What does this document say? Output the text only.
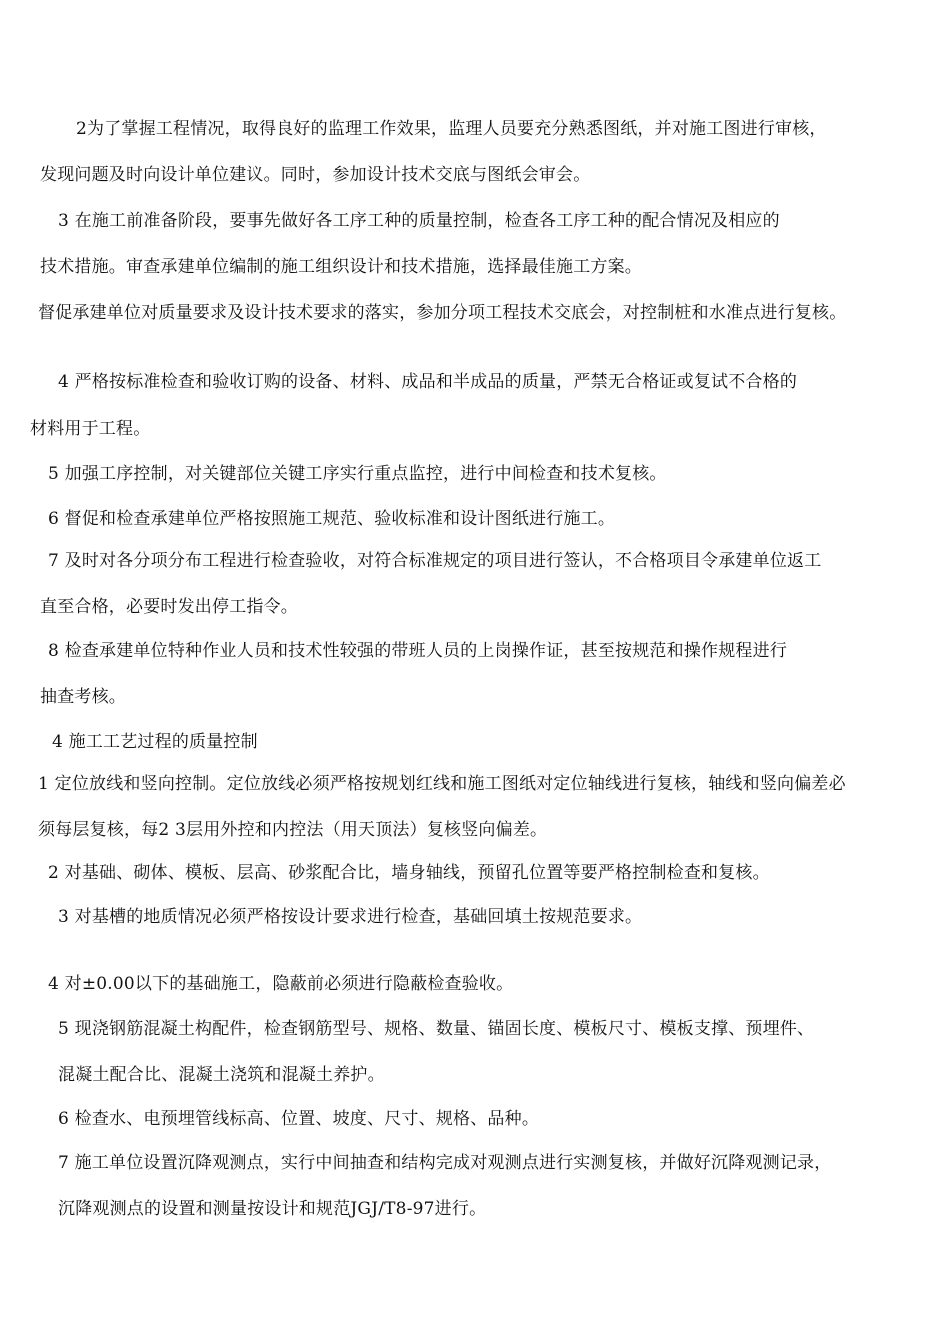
2为了掌握工程情况，取得良好的监理工作效果，监理人员要充分熟悉图纸，并对施工图进行审核，
发现问题及时向设计单位建议。同时，参加设计技术交底与图纸会审会。
3 在施工前准备阶段，要事先做好各工序工种的质量控制，检查各工序工种的配合情况及相应的
技术措施。审查承建单位编制的施工组织设计和技术措施，选择最佳施工方案。
督促承建单位对质量要求及设计技术要求的落实，参加分项工程技术交底会，对控制桩和水准点进行复核。
4 严格按标准检查和验收订购的设备、材料、成品和半成品的质量，严禁无合格证或复试不合格的
材料用于工程。
5 加强工序控制，对关键部位关键工序实行重点监控，进行中间检查和技术复核。
6 督促和检查承建单位严格按照施工规范、验收标准和设计图纸进行施工。
7 及时对各分项分布工程进行检查验收，对符合标准规定的项目进行签认，不合格项目令承建单位返工
直至合格，必要时发出停工指令。
8 检查承建单位特种作业人员和技术性较强的带班人员的上岗操作证，甚至按规范和操作规程进行
抽查考核。
4 施工工艺过程的质量控制
1 定位放线和竖向控制。定位放线必须严格按规划红线和施工图纸对定位轴线进行复核，轴线和竖向偏差必
须每层复核，每2 3层用外控和内控法（用天顶法）复核竖向偏差。
2 对基础、砌体、模板、层高、砂浆配合比，墙身轴线，预留孔位置等要严格控制检查和复核。
3 对基槽的地质情况必须严格按设计要求进行检查，基础回填土按规范要求。
4 对±0.00以下的基础施工，隐蔽前必须进行隐蔽检查验收。
5 现浇钢筋混凝土构配件，检查钢筋型号、规格、数量、锚固长度、模板尺寸、模板支撑、预埋件、
混凝土配合比、混凝土浇筑和混凝土养护。
6 检查水、电预埋管线标高、位置、坡度、尺寸、规格、品种。
7 施工单位设置沉降观测点，实行中间抽查和结构完成对观测点进行实测复核，并做好沉降观测记录，
沉降观测点的设置和测量按设计和规范JGJ/T8-97进行。
